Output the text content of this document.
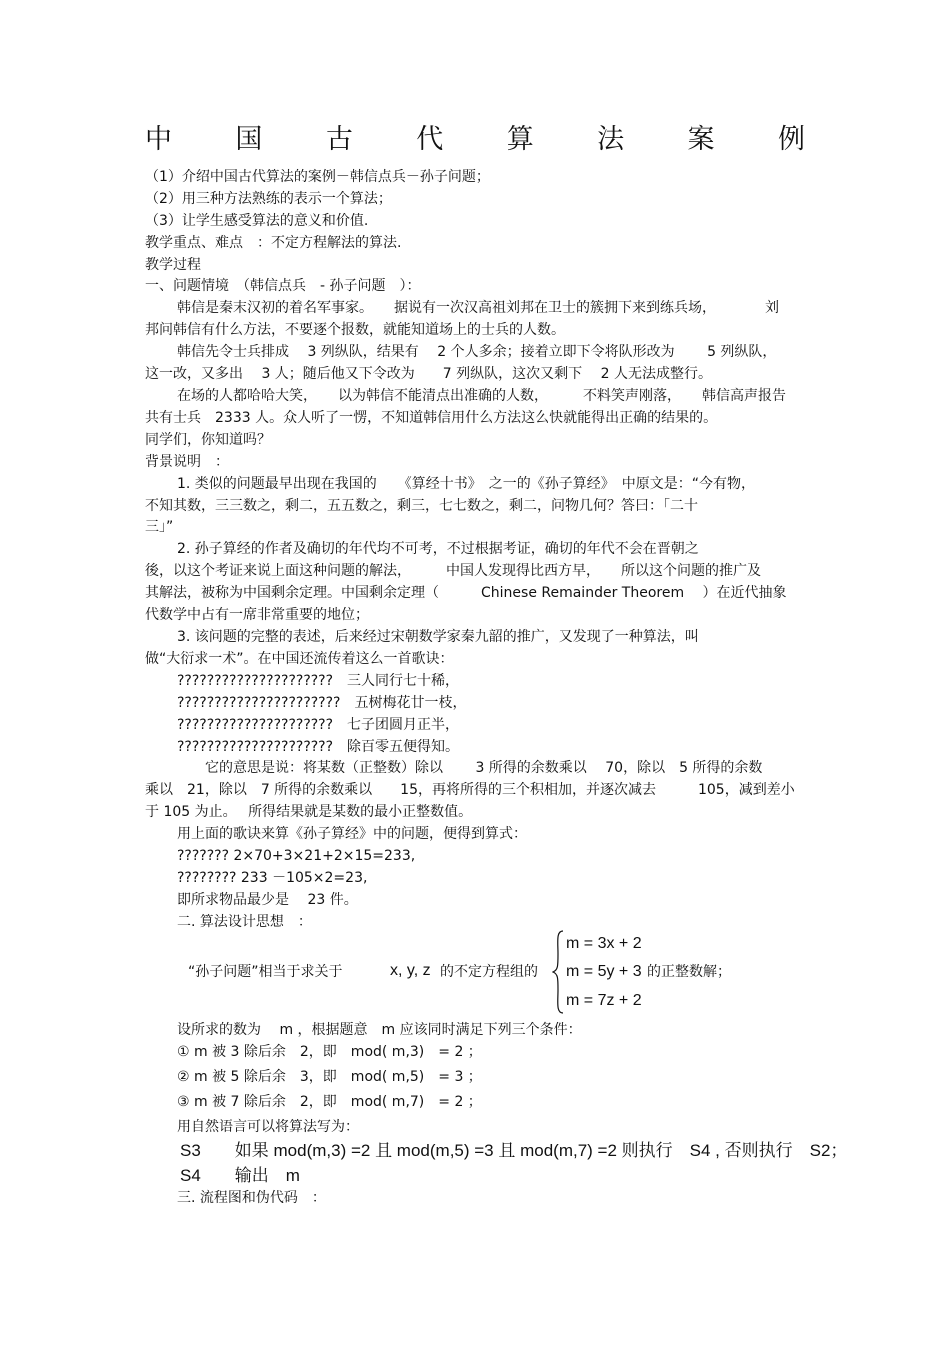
中 国 古 代 算 法 案 例
（1）介绍中国古代算法的案例－韩信点兵－孙子问题；
（2）用三种方法熟练的表示一个算法；
（3）让学生感受算法的意义和价值.
教学重点、难点　：不定方程解法的算法.
教学过程
一、问题情境　（韩信点兵　- 孙子问题　）：
韩信是秦末汉初的着名军事家。　　据说有一次汉高祖刘邦在卫士的簇拥下来到练兵场，　　　　刘
邦问韩信有什么方法，不要逐个报数，就能知道场上的士兵的人数。
韩信先令士兵排成　 3 列纵队，结果有　 2 个人多余；接着立即下令将队形改为　　 5 列纵队，
这一改，又多出　 3 人；随后他又下令改为　　7 列纵队，这次又剩下　 2 人无法成整行。
在场的人都哈哈大笑，　　以为韩信不能清点出准确的人数，　　　不料笑声刚落，　　韩信高声报告
共有士兵　2333 人。众人听了一愣，不知道韩信用什么方法这么快就能得出正确的结果的。
同学们，你知道吗？
背景说明　：
1. 类似的问题最早出现在我国的　　《算经十书》　之一的《孙子算经》　中原文是：“今有物，
不知其数，三三数之，剩二，五五数之，剩三，七七数之，剩二，问物几何？答曰：「二十
三」”
2. 孙子算经的作者及确切的年代均不可考，不过根据考证，确切的年代不会在晋朝之
後，以这个考证来说上面这种问题的解法，　　　中国人发现得比西方早，　　所以这个问题的推广及
其解法，被称为中国剩余定理。中国剩余定理（　　　Chinese Remainder Theorem　 ）在近代抽象
代数学中占有一席非常重要的地位；
3. 该问题的完整的表述，后来经过宋朝数学家秦九韶的推广，又发现了一种算法，叫
做“大衍求一术”。在中国还流传着这么一首歌诀：
?????????????????????　三人同行七十稀，
??????????????????????　五树梅花廿一枝，
?????????????????????　七子团圆月正半，
?????????????????????　除百零五便得知。
　　它的意思是说：将某数（正整数）除以　　 3 所得的余数乘以　 70，除以　5 所得的余数
乘以　21，除以　7 所得的余数乘以　　15，再将所得的三个积相加，并逐次减去　　　105，减到差小
于 105 为止。　 所得结果就是某数的最小正整数值。
用上面的歌诀来算《孙子算经》中的问题，便得到算式：
??????? 2×70+3×21+2×15=233,
???????? 233 －105×2=23,
即所求物品最少是　 23 件。
二. 算法设计思想　：
“孙子问题”相当于求关于	x, y, z 的不定方程组的
m = 3x + 2
m = 5y + 3
m = 7z + 2
的正整数解；
设所求的数为　 m ，根据题意　m 应该同时满足下列三个条件：
① m 被 3 除后余　2，即　mod( m,3)　= 2 ；
② m 被 5 除后余　3，即　mod( m,5)　= 3 ；
③ m 被 7 除后余　2，即　mod( m,7)　= 2 ；
用自然语言可以将算法写为：
S3　　如果 mod(m,3) =2 且 mod(m,5) =3 且 mod(m,7) =2 则执行　S4 , 否则执行　S2；
S4　　输出　m
三. 流程图和伪代码　：
